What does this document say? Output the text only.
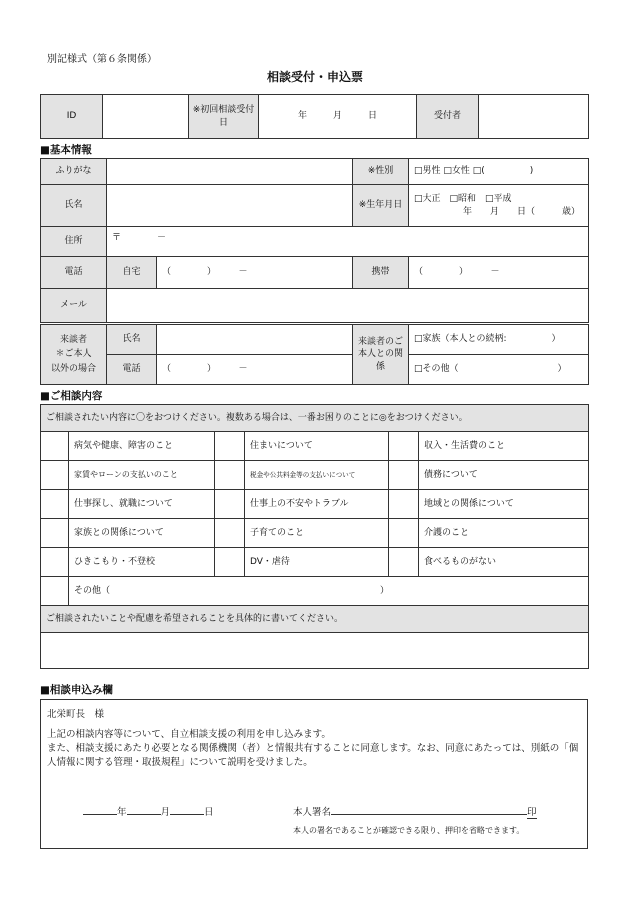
別記様式（第６条関係）
相談受付・申込票
ID		※初回相談受付日	年	月	日	受付者	
■基本情報
ふりがな			※性別	□男性 □女性 □(　　　　　)
氏名			※生年月日	□大正　□昭和　□平成
年　　月　　日（　　　歳）

住所	〒　　　　－			
電話	自宅	（　　　　）　　　－	携帯	（　　　　）　　　－
メール				
来談者
＊ご本人
以外の場合	氏名		来談者のご本人との関係	□家族（本人との続柄:　　　　　）
	電話	（　　　　）　　　－		□その他（　　　　　　　　　　　）
■ご相談内容
ご相談されたい内容に〇をおつけください。複数ある場合は、一番お困りのことに◎をおつけください。					
	病気や健康、障害のこと		住まいについて		収入・生活費のこと
	家賃やローンの支払いのこと		税金や公共料金等の支払いについて		債務について
	仕事探し、就職について		仕事上の不安やトラブル		地域との関係について
	家族との関係について		子育てのこと		介護のこと
	ひきこもり・不登校		DV・虐待		食べるものがない
	その他（　　　　　　　　　　　　　　　　　　　　　　　　　　　　　　）				
ご相談されたいことや配慮を希望されることを具体的に書いてください。					

■相談申込み欄
北栄町長　様
上記の相談内容等について、自立相談支援の利用を申し込みます。
また、相談支援にあたり必要となる関係機関（者）と情報共有することに同意します。なお、同意にあたっては、別紙の「個人情報に関する管理・取扱規程」について説明を受けました。
年	月	日	本人署名	印
本人の署名であることが確認できる限り、押印を省略できます。
